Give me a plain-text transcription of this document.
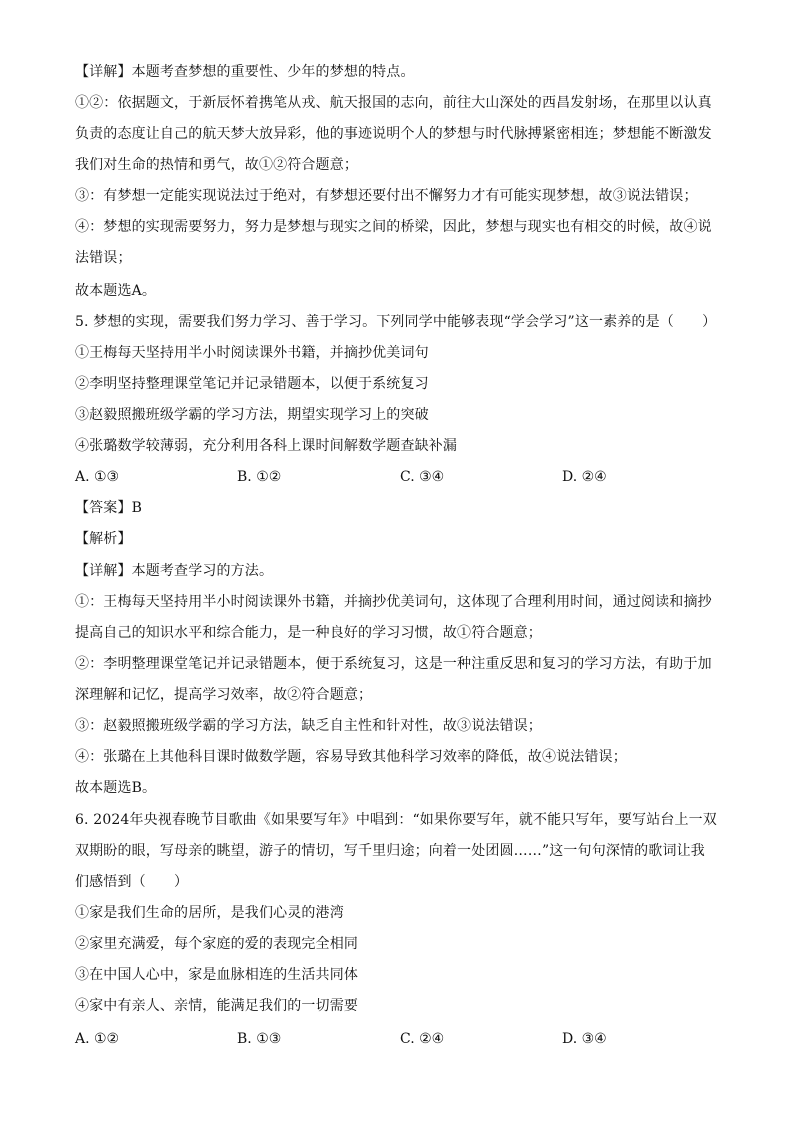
【详解】本题考查梦想的重要性、少年的梦想的特点。
①②：依据题文，于新辰怀着携笔从戎、航天报国的志向，前往大山深处的西昌发射场，在那里以认真
负责的态度让自己的航天梦大放异彩，他的事迹说明个人的梦想与时代脉搏紧密相连；梦想能不断激发
我们对生命的热情和勇气，故①②符合题意；
③：有梦想一定能实现说法过于绝对，有梦想还要付出不懈努力才有可能实现梦想，故③说法错误；
④：梦想的实现需要努力，努力是梦想与现实之间的桥梁，因此，梦想与现实也有相交的时候，故④说
法错误；
故本题选A。
5. 梦想的实现，需要我们努力学习、善于学习。下列同学中能够表现“学会学习”这一素养的是（　　）
①王梅每天坚持用半小时阅读课外书籍，并摘抄优美词句
②李明坚持整理课堂笔记并记录错题本，以便于系统复习
③赵毅照搬班级学霸的学习方法，期望实现学习上的突破
④张璐数学较薄弱，充分利用各科上课时间解数学题查缺补漏
A. ①③	B. ①②	C. ③④	D. ②④
【答案】B
【解析】
【详解】本题考查学习的方法。
①：王梅每天坚持用半小时阅读课外书籍，并摘抄优美词句，这体现了合理利用时间，通过阅读和摘抄
提高自己的知识水平和综合能力，是一种良好的学习习惯，故①符合题意；
②：李明整理课堂笔记并记录错题本，便于系统复习，这是一种注重反思和复习的学习方法，有助于加
深理解和记忆，提高学习效率，故②符合题意；
③：赵毅照搬班级学霸的学习方法，缺乏自主性和针对性，故③说法错误；
④：张璐在上其他科目课时做数学题，容易导致其他科学习效率的降低，故④说法错误；
故本题选B。
6. 2024年央视春晚节目歌曲《如果要写年》中唱到：“如果你要写年，就不能只写年，要写站台上一双
双期盼的眼，写母亲的眺望，游子的情切，写千里归途；向着一处团圆……”这一句句深情的歌词让我
们感悟到（　　）
①家是我们生命的居所，是我们心灵的港湾
②家里充满爱，每个家庭的爱的表现完全相同
③在中国人心中，家是血脉相连的生活共同体
④家中有亲人、亲情，能满足我们的一切需要
A. ①②	B. ①③	C. ②④	D. ③④
